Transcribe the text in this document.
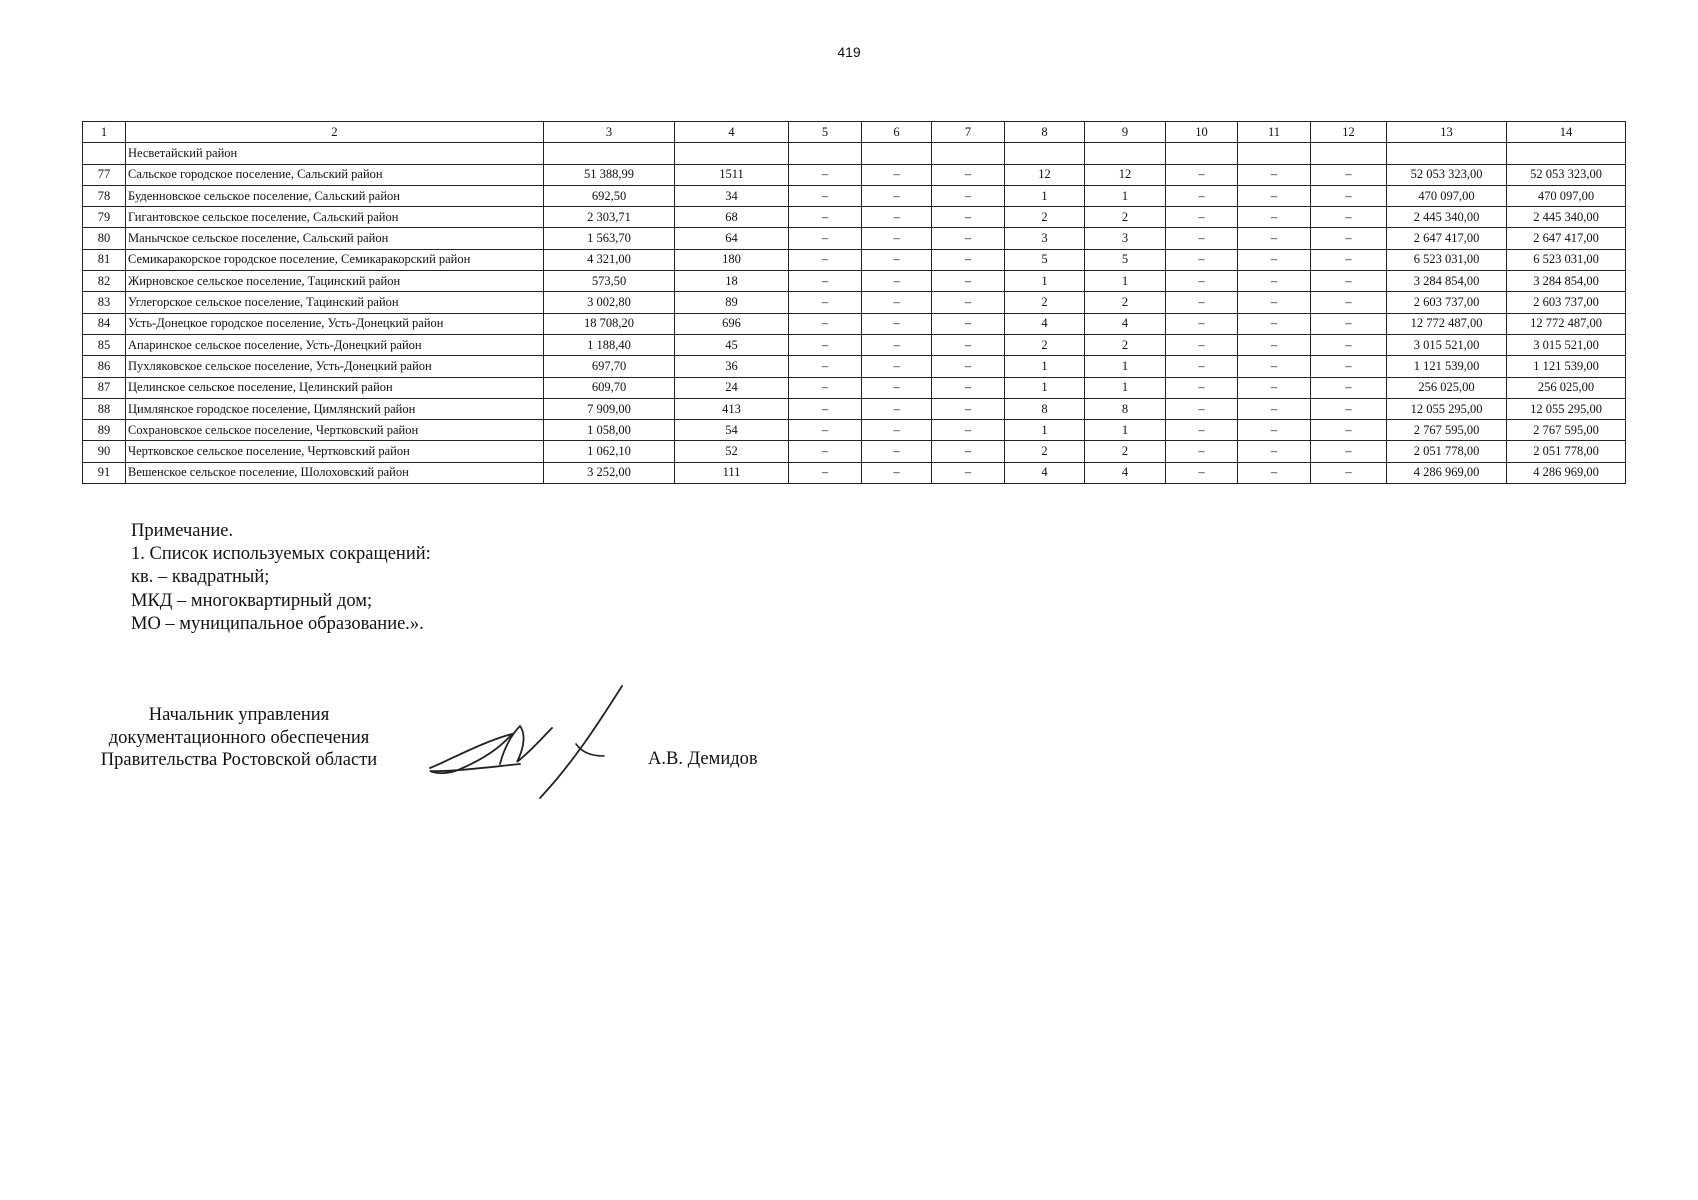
419
1	2	3	4	5	6	7	8	9	10	11	12	13	14
	Несветайский район												
77	Сальское городское поселение, Сальский район	51 388,99	1511	–	–	–	12	12	–	–	–	52 053 323,00	52 053 323,00
78	Буденновское сельское поселение, Сальский район	692,50	34	–	–	–	1	1	–	–	–	470 097,00	470 097,00
79	Гигантовское сельское поселение, Сальский район	2 303,71	68	–	–	–	2	2	–	–	–	2 445 340,00	2 445 340,00
80	Манычское сельское поселение, Сальский район	1 563,70	64	–	–	–	3	3	–	–	–	2 647 417,00	2 647 417,00
81	Семикаракорское городское поселение, Семикаракорский район	4 321,00	180	–	–	–	5	5	–	–	–	6 523 031,00	6 523 031,00
82	Жирновское сельское поселение, Тацинский район	573,50	18	–	–	–	1	1	–	–	–	3 284 854,00	3 284 854,00
83	Углегорское сельское поселение, Тацинский район	3 002,80	89	–	–	–	2	2	–	–	–	2 603 737,00	2 603 737,00
84	Усть-Донецкое городское поселение, Усть-Донецкий район	18 708,20	696	–	–	–	4	4	–	–	–	12 772 487,00	12 772 487,00
85	Апаринское сельское поселение, Усть-Донецкий район	1 188,40	45	–	–	–	2	2	–	–	–	3 015 521,00	3 015 521,00
86	Пухляковское сельское поселение, Усть-Донецкий район	697,70	36	–	–	–	1	1	–	–	–	1 121 539,00	1 121 539,00
87	Целинское сельское поселение, Целинский район	609,70	24	–	–	–	1	1	–	–	–	256 025,00	256 025,00
88	Цимлянское городское поселение, Цимлянский район	7 909,00	413	–	–	–	8	8	–	–	–	12 055 295,00	12 055 295,00
89	Сохрановское сельское поселение, Чертковский район	1 058,00	54	–	–	–	1	1	–	–	–	2 767 595,00	2 767 595,00
90	Чертковское сельское поселение, Чертковский район	1 062,10	52	–	–	–	2	2	–	–	–	2 051 778,00	2 051 778,00
91	Вешенское сельское поселение, Шолоховский район	3 252,00	111	–	–	–	4	4	–	–	–	4 286 969,00	4 286 969,00
Примечание.
1. Список используемых сокращений:
кв. – квадратный;
МКД – многоквартирный дом;
МО – муниципальное образование.».
Начальник управления
документационного обеспечения
Правительства Ростовской области	А.В. Демидов
